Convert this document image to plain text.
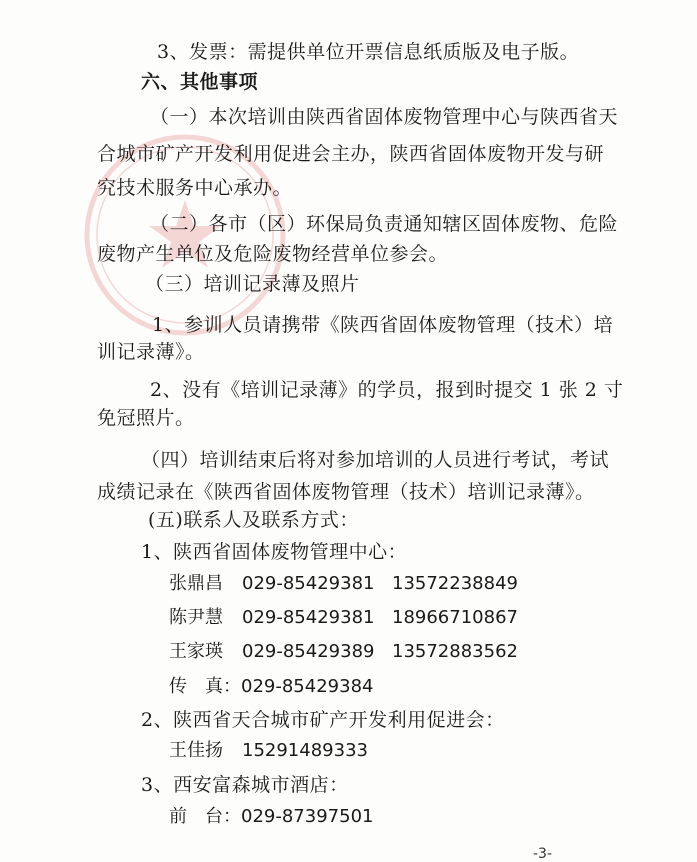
3、发票：需提供单位开票信息纸质版及电子版。
六、其他事项
（一）本次培训由陕西省固体废物管理中心与陕西省天
合城市矿产开发利用促进会主办，陕西省固体废物开发与研
究技术服务中心承办。
（二）各市（区）环保局负责通知辖区固体废物、危险
废物产生单位及危险废物经营单位参会。
（三）培训记录薄及照片
1、参训人员请携带《陕西省固体废物管理（技术）培
训记录薄》。
2、没有《培训记录薄》的学员，报到时提交 1 张 2 寸
免冠照片。
（四）培训结束后将对参加培训的人员进行考试，考试
成绩记录在《陕西省固体废物管理（技术）培训记录薄》。
(五)联系人及联系方式：
1、陕西省固体废物管理中心：
张鼎昌 029-85429381 13572238849
陈尹慧 029-85429381 18966710867
王家瑛 029-85429389 13572883562
传　真：029-85429384
2、陕西省天合城市矿产开发利用促进会：
王佳扬 15291489333
3、西安富森城市酒店：
前　台：029-87397501
-3-
